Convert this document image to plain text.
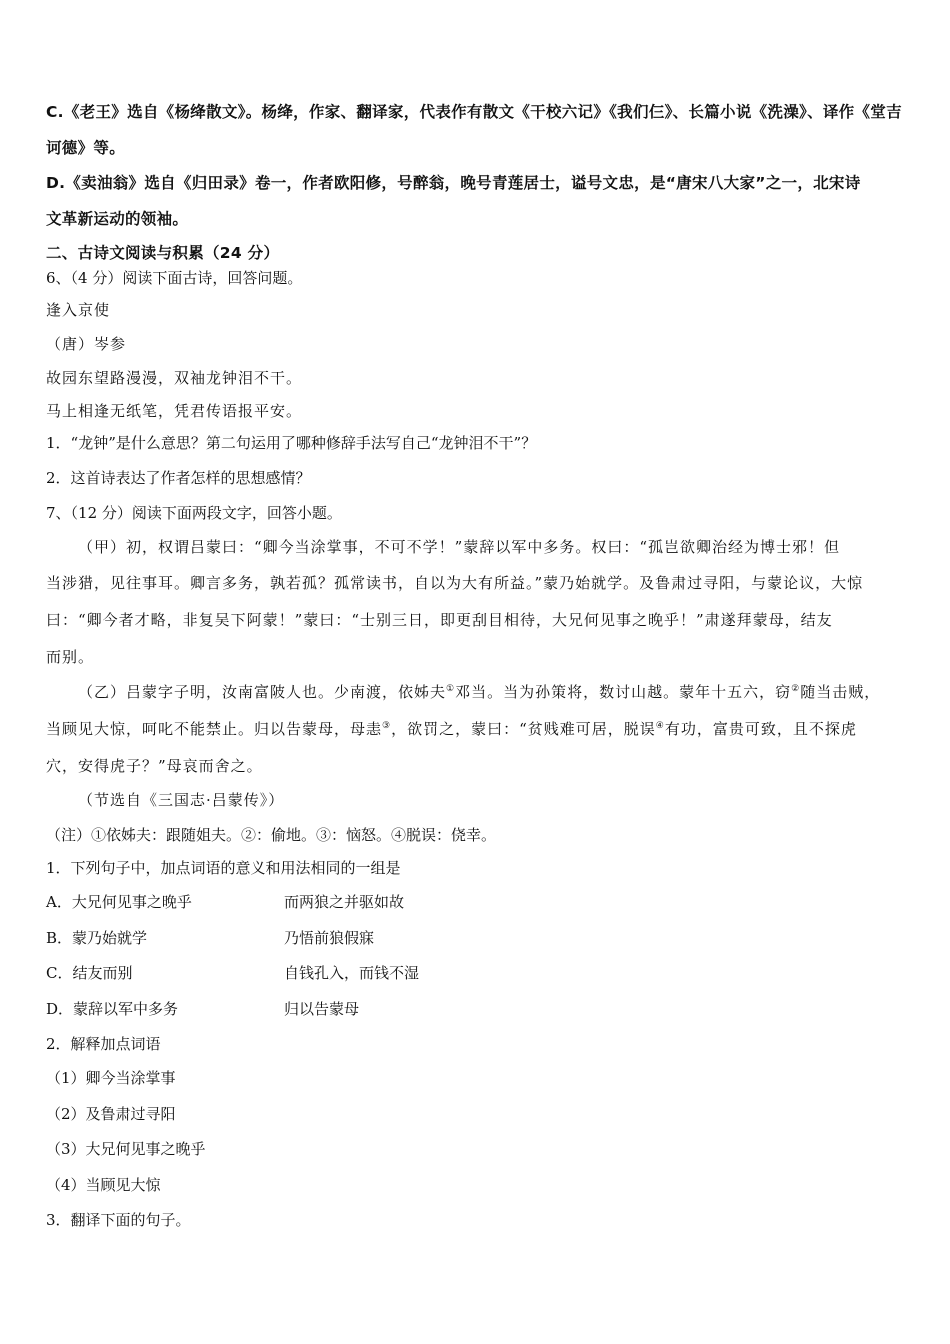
C.《老王》选自《杨绛散文》。杨绛，作家、翻译家，代表作有散文《干校六记》《我们仨》、长篇小说《洗澡》、译作《堂吉
诃德》等。
D.《卖油翁》选自《归田录》卷一，作者欧阳修，号醉翁，晚号青莲居士，谥号文忠，是“唐宋八大家”之一，北宋诗
文革新运动的领袖。
二、古诗文阅读与积累（24 分）
6、（4 分）阅读下面古诗，回答问题。
逢入京使
（唐）岑参
故园东望路漫漫，双袖龙钟泪不干。
马上相逢无纸笔，凭君传语报平安。
1．“龙钟”是什么意思？第二句运用了哪种修辞手法写自己“龙钟泪不干”？
2．这首诗表达了作者怎样的思想感情？
7、（12 分）阅读下面两段文字，回答小题。
（甲）初，权谓吕蒙曰：“卿今当涂掌事，不可不学！”蒙辞以军中多务。权曰：“孤岂欲卿治经为博士邪！但
当涉猎，见往事耳。卿言多务，孰若孤？孤常读书，自以为大有所益。”蒙乃始就学。及鲁肃过寻阳，与蒙论议，大惊
曰：“卿今者才略，非复吴下阿蒙！”蒙曰：“士别三日，即更刮目相待，大兄何见事之晚乎！”肃遂拜蒙母，结友
而别。
（乙）吕蒙字子明，汝南富陂人也。少南渡，依姊夫①邓当。当为孙策将，数讨山越。蒙年十五六，窃②随当击贼，
当顾见大惊，呵叱不能禁止。归以告蒙母，母恚③，欲罚之，蒙曰：“贫贱难可居，脱误④有功，富贵可致，且不探虎
穴，安得虎子？”母哀而舍之。
（节选自《三国志·吕蒙传》）
（注）①依姊夫：跟随姐夫。②：偷地。③：恼怒。④脱误：侥幸。
1．下列句子中，加点词语的意义和用法相同的一组是
A．大兄何见事之晚乎	而两狼之并驱如故
B．蒙乃始就学	乃悟前狼假寐
C．结友而别	自钱孔入，而钱不湿
D．蒙辞以军中多务	归以告蒙母
2．解释加点词语
（1）卿今当涂掌事
（2）及鲁肃过寻阳
（3）大兄何见事之晚乎
（4）当顾见大惊
3．翻译下面的句子。
